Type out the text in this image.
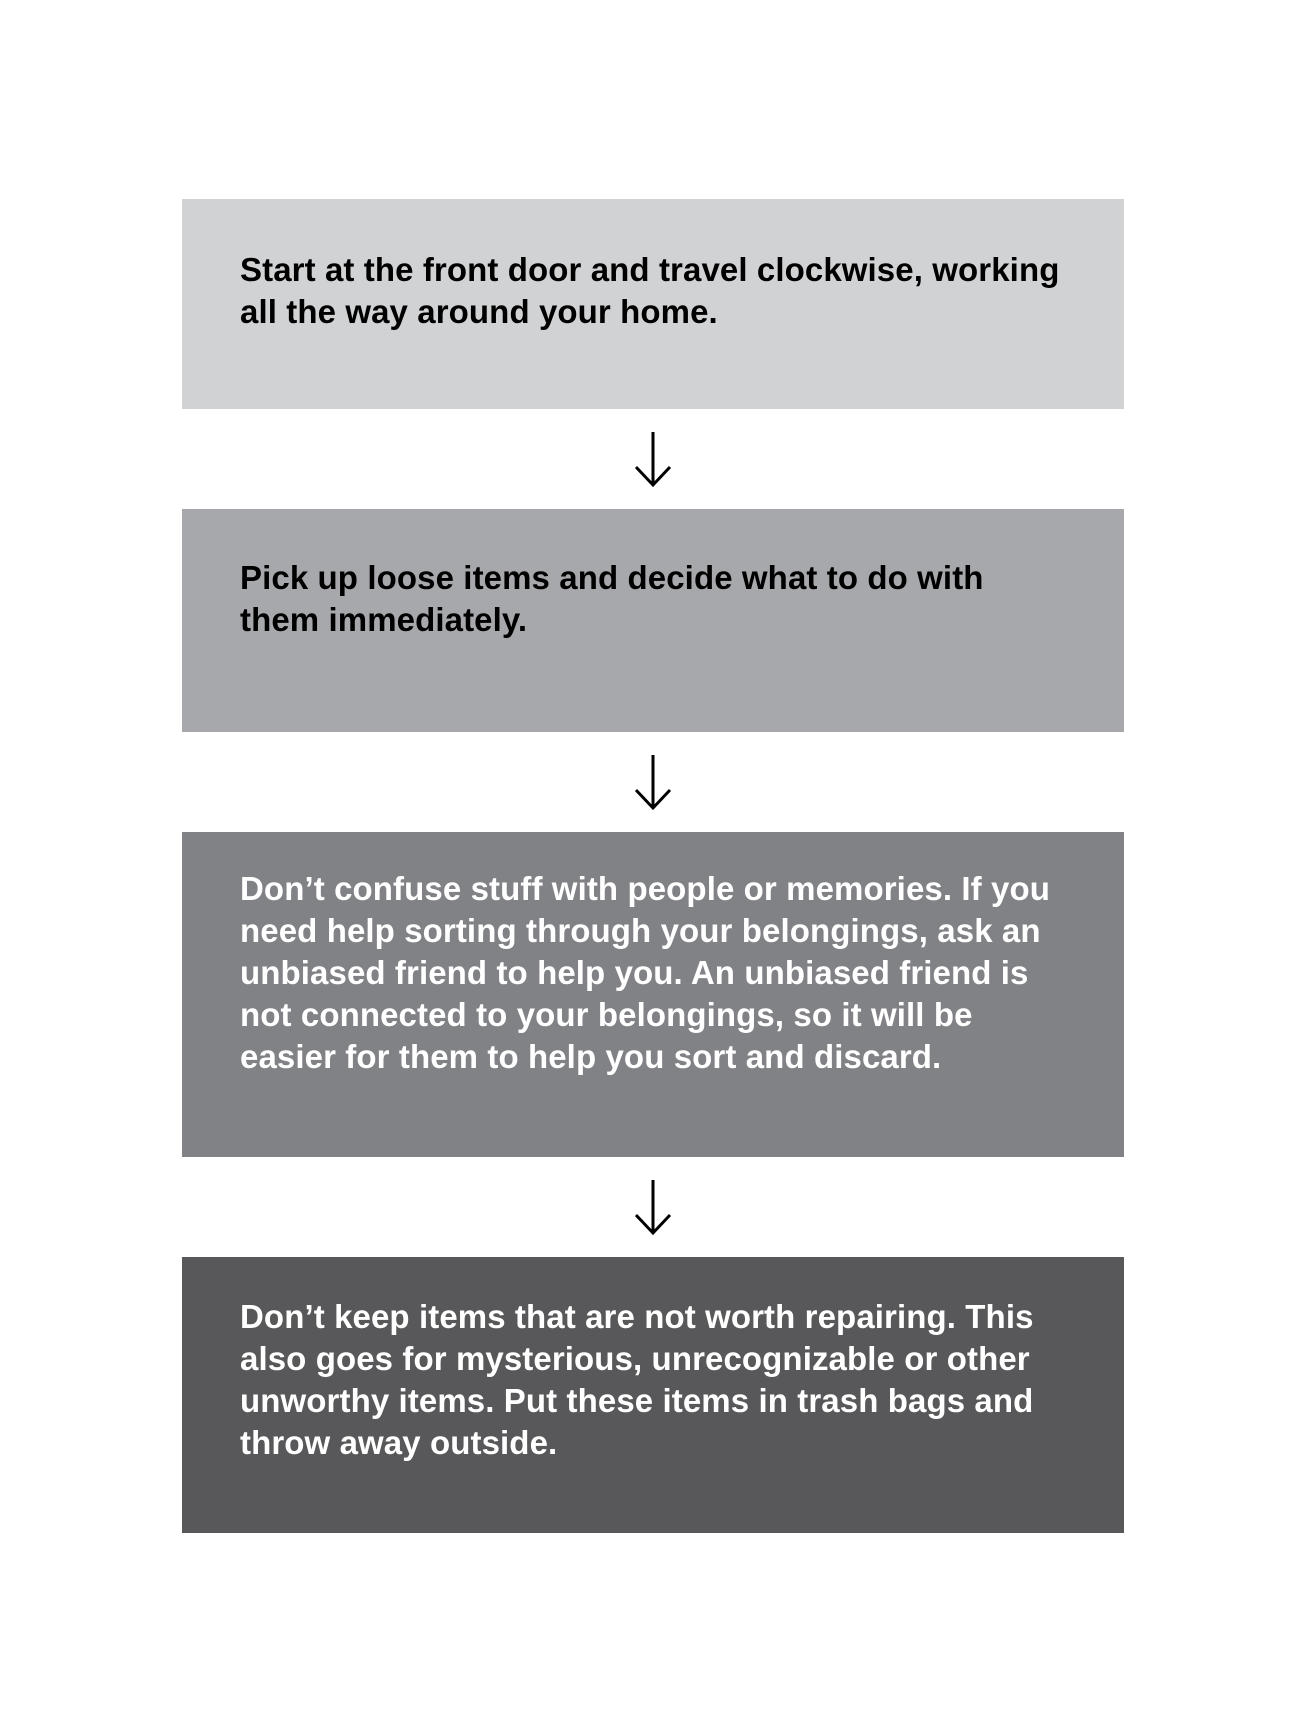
Start at the front door and travel clockwise, working all the way around your home.

Pick up loose items and decide what to do with them immediately.

Don’t confuse stuff with people or memories. If you need help sorting through your belongings, ask an unbiased friend to help you. An unbiased friend is not connected to your belongings, so it will be easier for them to help you sort and discard.

Don’t keep items that are not worth repairing. This also goes for mysterious, unrecognizable or other unworthy items. Put these items in trash bags and throw away outside.
